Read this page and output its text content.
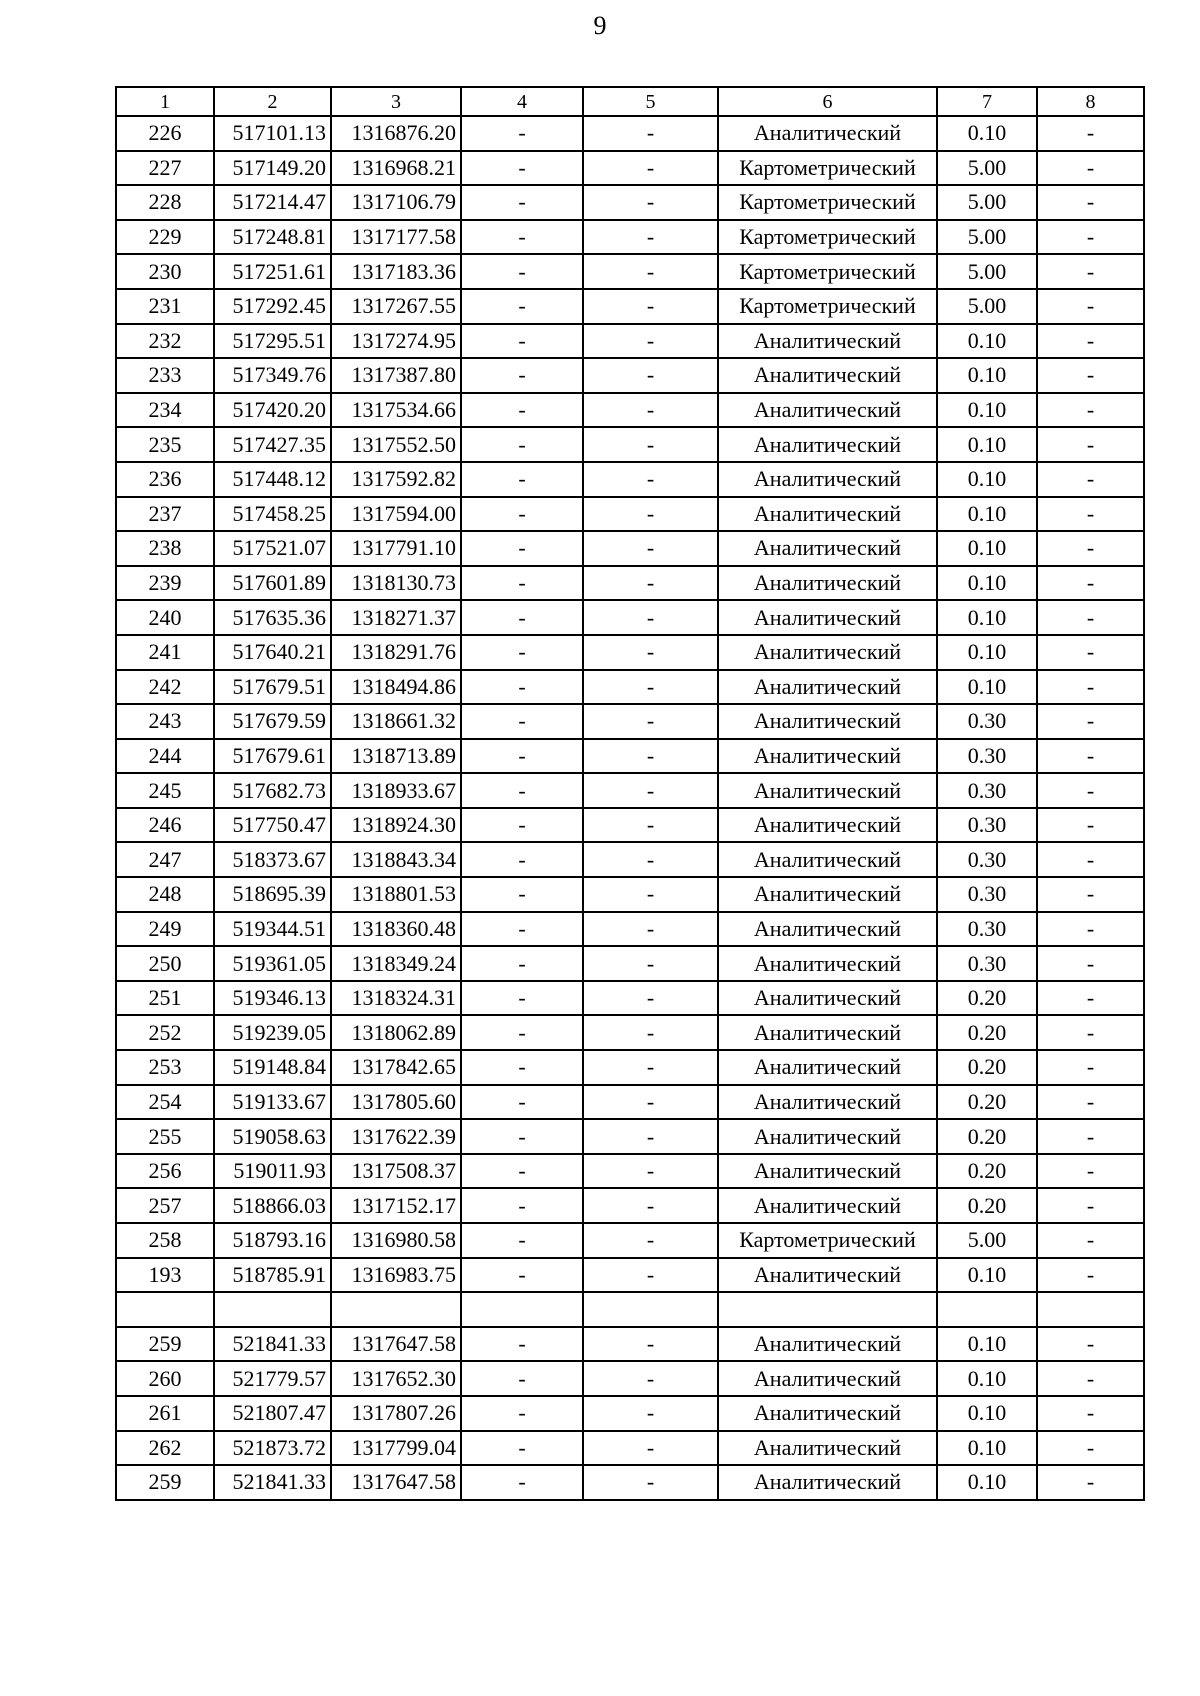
9
1	2	3	4	5	6	7	8
226	517101.13	1316876.20	-	-	Аналитический	0.10	-
227	517149.20	1316968.21	-	-	Картометрический	5.00	-
228	517214.47	1317106.79	-	-	Картометрический	5.00	-
229	517248.81	1317177.58	-	-	Картометрический	5.00	-
230	517251.61	1317183.36	-	-	Картометрический	5.00	-
231	517292.45	1317267.55	-	-	Картометрический	5.00	-
232	517295.51	1317274.95	-	-	Аналитический	0.10	-
233	517349.76	1317387.80	-	-	Аналитический	0.10	-
234	517420.20	1317534.66	-	-	Аналитический	0.10	-
235	517427.35	1317552.50	-	-	Аналитический	0.10	-
236	517448.12	1317592.82	-	-	Аналитический	0.10	-
237	517458.25	1317594.00	-	-	Аналитический	0.10	-
238	517521.07	1317791.10	-	-	Аналитический	0.10	-
239	517601.89	1318130.73	-	-	Аналитический	0.10	-
240	517635.36	1318271.37	-	-	Аналитический	0.10	-
241	517640.21	1318291.76	-	-	Аналитический	0.10	-
242	517679.51	1318494.86	-	-	Аналитический	0.10	-
243	517679.59	1318661.32	-	-	Аналитический	0.30	-
244	517679.61	1318713.89	-	-	Аналитический	0.30	-
245	517682.73	1318933.67	-	-	Аналитический	0.30	-
246	517750.47	1318924.30	-	-	Аналитический	0.30	-
247	518373.67	1318843.34	-	-	Аналитический	0.30	-
248	518695.39	1318801.53	-	-	Аналитический	0.30	-
249	519344.51	1318360.48	-	-	Аналитический	0.30	-
250	519361.05	1318349.24	-	-	Аналитический	0.30	-
251	519346.13	1318324.31	-	-	Аналитический	0.20	-
252	519239.05	1318062.89	-	-	Аналитический	0.20	-
253	519148.84	1317842.65	-	-	Аналитический	0.20	-
254	519133.67	1317805.60	-	-	Аналитический	0.20	-
255	519058.63	1317622.39	-	-	Аналитический	0.20	-
256	519011.93	1317508.37	-	-	Аналитический	0.20	-
257	518866.03	1317152.17	-	-	Аналитический	0.20	-
258	518793.16	1316980.58	-	-	Картометрический	5.00	-
193	518785.91	1316983.75	-	-	Аналитический	0.10	-

259	521841.33	1317647.58	-	-	Аналитический	0.10	-
260	521779.57	1317652.30	-	-	Аналитический	0.10	-
261	521807.47	1317807.26	-	-	Аналитический	0.10	-
262	521873.72	1317799.04	-	-	Аналитический	0.10	-
259	521841.33	1317647.58	-	-	Аналитический	0.10	-
